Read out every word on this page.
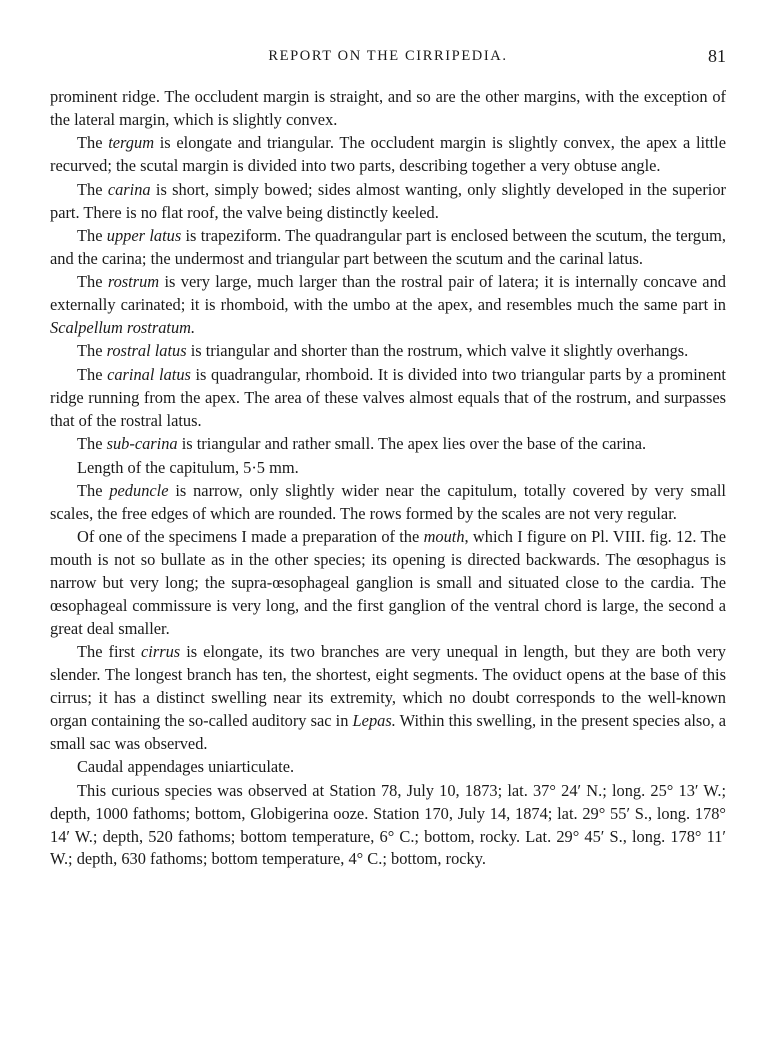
REPORT ON THE CIRRIPEDIA.	81

prominent ridge. The occludent margin is straight, and so are the other margins, with the exception of the lateral margin, which is slightly convex.

The tergum is elongate and triangular. The occludent margin is slightly convex, the apex a little recurved; the scutal margin is divided into two parts, describing together a very obtuse angle.

The carina is short, simply bowed; sides almost wanting, only slightly developed in the superior part. There is no flat roof, the valve being distinctly keeled.

The upper latus is trapeziform. The quadrangular part is enclosed between the scutum, the tergum, and the carina; the undermost and triangular part between the scutum and the carinal latus.

The rostrum is very large, much larger than the rostral pair of latera; it is internally concave and externally carinated; it is rhomboid, with the umbo at the apex, and resembles much the same part in Scalpellum rostratum.

The rostral latus is triangular and shorter than the rostrum, which valve it slightly overhangs.

The carinal latus is quadrangular, rhomboid. It is divided into two triangular parts by a prominent ridge running from the apex. The area of these valves almost equals that of the rostrum, and surpasses that of the rostral latus.

The sub-carina is triangular and rather small. The apex lies over the base of the carina.

Length of the capitulum, 5·5 mm.

The peduncle is narrow, only slightly wider near the capitulum, totally covered by very small scales, the free edges of which are rounded. The rows formed by the scales are not very regular.

Of one of the specimens I made a preparation of the mouth, which I figure on Pl. VIII. fig. 12. The mouth is not so bullate as in the other species; its opening is directed backwards. The œsophagus is narrow but very long; the supra-œsophageal ganglion is small and situated close to the cardia. The œsophageal commissure is very long, and the first ganglion of the ventral chord is large, the second a great deal smaller.

The first cirrus is elongate, its two branches are very unequal in length, but they are both very slender. The longest branch has ten, the shortest, eight segments. The oviduct opens at the base of this cirrus; it has a distinct swelling near its extremity, which no doubt corresponds to the well-known organ containing the so-called auditory sac in Lepas. Within this swelling, in the present species also, a small sac was observed.

Caudal appendages uniarticulate.

This curious species was observed at Station 78, July 10, 1873; lat. 37° 24′ N.; long. 25° 13′ W.; depth, 1000 fathoms; bottom, Globigerina ooze. Station 170, July 14, 1874; lat. 29° 55′ S., long. 178° 14′ W.; depth, 520 fathoms; bottom temperature, 6° C.; bottom, rocky. Lat. 29° 45′ S., long. 178° 11′ W.; depth, 630 fathoms; bottom temperature, 4° C.; bottom, rocky.
